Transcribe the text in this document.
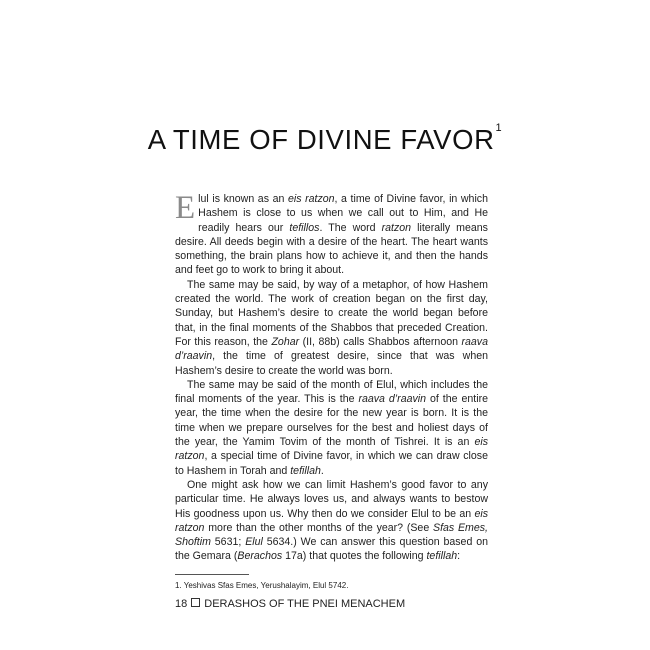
A TIME OF DIVINE FAVOR$^1$

Elul is known as an eis ratzon, a time of Divine favor, in which Hashem is close to us when we call out to Him, and He readily hears our tefillos. The word ratzon literally means desire. All deeds begin with a desire of the heart. The heart wants something, the brain plans how to achieve it, and then the hands and feet go to work to bring it about.

The same may be said, by way of a metaphor, of how Hashem created the world. The work of creation began on the first day, Sunday, but Hashem’s desire to create the world began before that, in the final moments of the Shabbos that preceded Creation. For this reason, the Zohar (II, 88b) calls Shabbos afternoon raava d’raavin, the time of greatest desire, since that was when Hashem’s desire to create the world was born.

The same may be said of the month of Elul, which includes the final moments of the year. This is the raava d’raavin of the entire year, the time when the desire for the new year is born. It is the time when we prepare ourselves for the best and holiest days of the year, the Yamim Tovim of the month of Tishrei. It is an eis ratzon, a special time of Divine favor, in which we can draw close to Hashem in Torah and tefillah.

One might ask how we can limit Hashem’s good favor to any particular time. He always loves us, and always wants to bestow His goodness upon us. Why then do we consider Elul to be an eis ratzon more than the other months of the year? (See Sfas Emes, Shoftim 5631; Elul 5634.) We can answer this question based on the Gemara (Berachos 17a) that quotes the following tefillah:

1. Yeshivas Sfas Emes, Yerushalayim, Elul 5742.
18 DERASHOS OF THE PNEI MENACHEM
